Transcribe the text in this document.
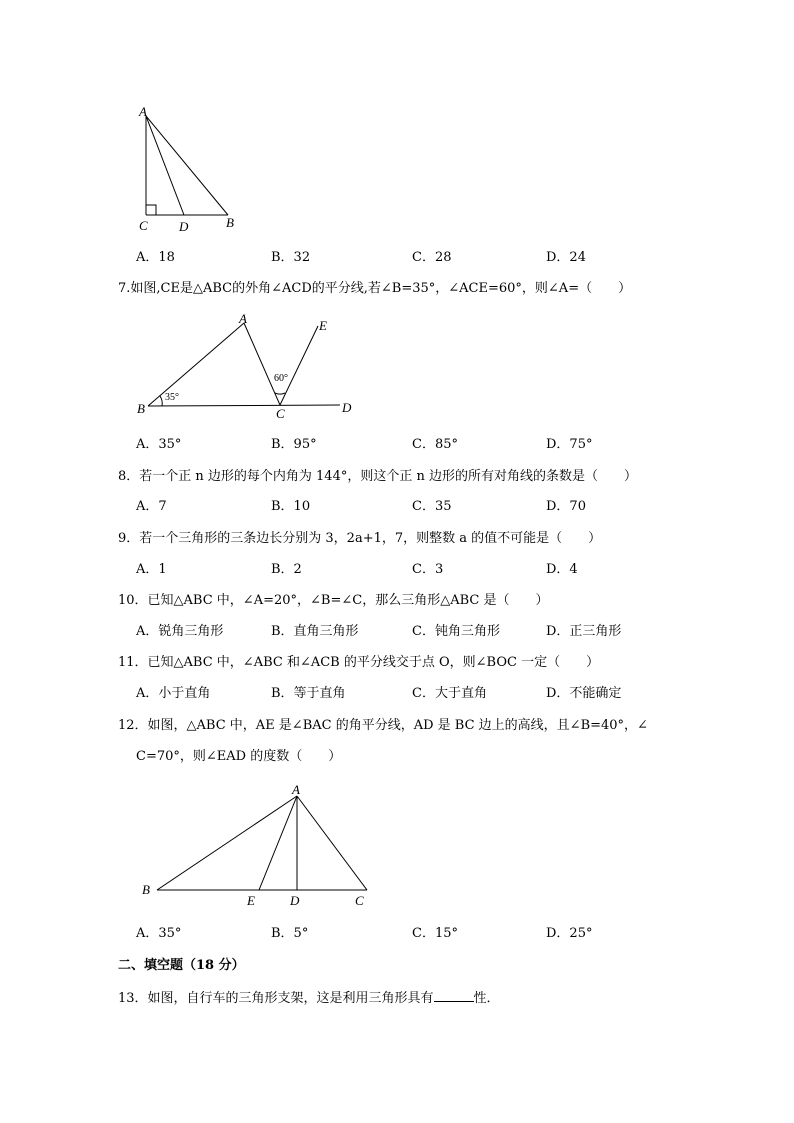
A
C D	B
A．18	B．32	C．28	D．24
7.如图,CE是△ABC的外角∠ACD的平分线,若∠B=35°，∠ACE=60°，则∠A=（　　）
A	E
B	C	D
35°
60°
A．35°	B．95°	C．85°	D．75°
8．若一个正 n 边形的每个内角为 144°，则这个正 n 边形的所有对角线的条数是（　　）
A．7	B．10	C．35	D．70
9．若一个三角形的三条边长分别为 3，2a+1，7，则整数 a 的值不可能是（　　）
A．1	B．2	C．3	D．4
10．已知△ABC 中，∠A=20°，∠B=∠C，那么三角形△ABC 是（　　）
A．锐角三角形	B．直角三角形	C．钝角三角形	D．正三角形
11．已知△ABC 中，∠ABC 和∠ACB 的平分线交于点 O，则∠BOC 一定（　　）
A．小于直角	B．等于直角	C．大于直角	D．不能确定
12．如图，△ABC 中，AE 是∠BAC 的角平分线，AD 是 BC 边上的高线，且∠B=40°，∠
C=70°，则∠EAD 的度数（　　）
A
B
E	D	C
A．35°	B．5°	C．15°	D．25°
二、填空题（18 分）
13．如图，自行车的三角形支架，这是利用三角形具有	性．
